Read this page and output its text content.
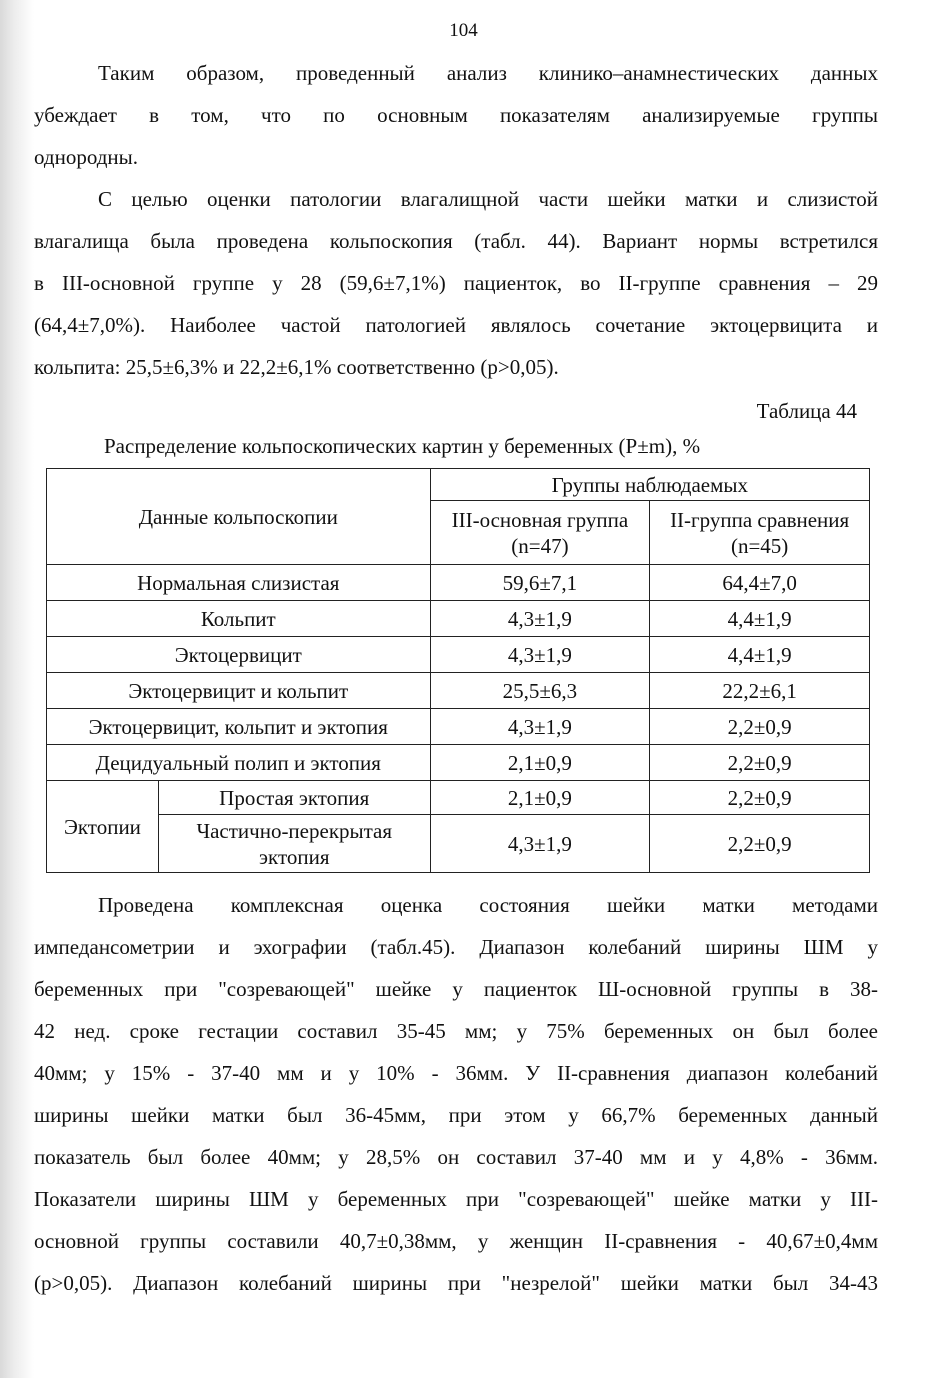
104
Таким образом, проведенный анализ клинико–анамнестических данных
убеждает в том, что по основным показателям анализируемые группы
однородны.
С целью оценки патологии влагалищной части шейки матки и слизистой
влагалища была проведена кольпоскопия (табл. 44). Вариант нормы встретился
в III-основной группе у 28 (59,6±7,1%) пациенток, во II-группе сравнения – 29
(64,4±7,0%). Наиболее частой патологией являлось сочетание эктоцервицита и
кольпита: 25,5±6,3% и 22,2±6,1% соответственно (p>0,05).
Таблица 44
Распределение кольпоскопических картин у беременных (P±m), %
Данные кольпоскопии		Группы наблюдаемых	
		III-основная группа (n=47)	II-группа сравнения (n=45)
Нормальная слизистая		59,6±7,1	64,4±7,0
Кольпит		4,3±1,9	4,4±1,9
Эктоцервицит		4,3±1,9	4,4±1,9
Эктоцервицит и кольпит		25,5±6,3	22,2±6,1
Эктоцервицит, кольпит и эктопия		4,3±1,9	2,2±0,9
Децидуальный полип и эктопия		2,1±0,9	2,2±0,9
Эктопии	Простая эктопия	2,1±0,9	2,2±0,9
	Частично-перекрытая эктопия	4,3±1,9	2,2±0,9
Проведена комплексная оценка состояния шейки матки методами
импедансометрии и эхографии (табл.45). Диапазон колебаний ширины ШМ у
беременных при "созревающей" шейке у пациенток Ш-основной группы в 38-
42 нед. сроке гестации составил 35-45 мм; у 75% беременных он был более
40мм; у 15% - 37-40 мм и у 10% - 36мм. У II-сравнения диапазон колебаний
ширины шейки матки был 36-45мм, при этом у 66,7% беременных данный
показатель был более 40мм; у 28,5% он составил 37-40 мм и у 4,8% - 36мм.
Показатели ширины ШМ у беременных при "созревающей" шейке матки у III-
основной группы составили 40,7±0,38мм, у женщин II-сравнения - 40,67±0,4мм
(p>0,05). Диапазон колебаний ширины при "незрелой" шейки матки был 34-43
